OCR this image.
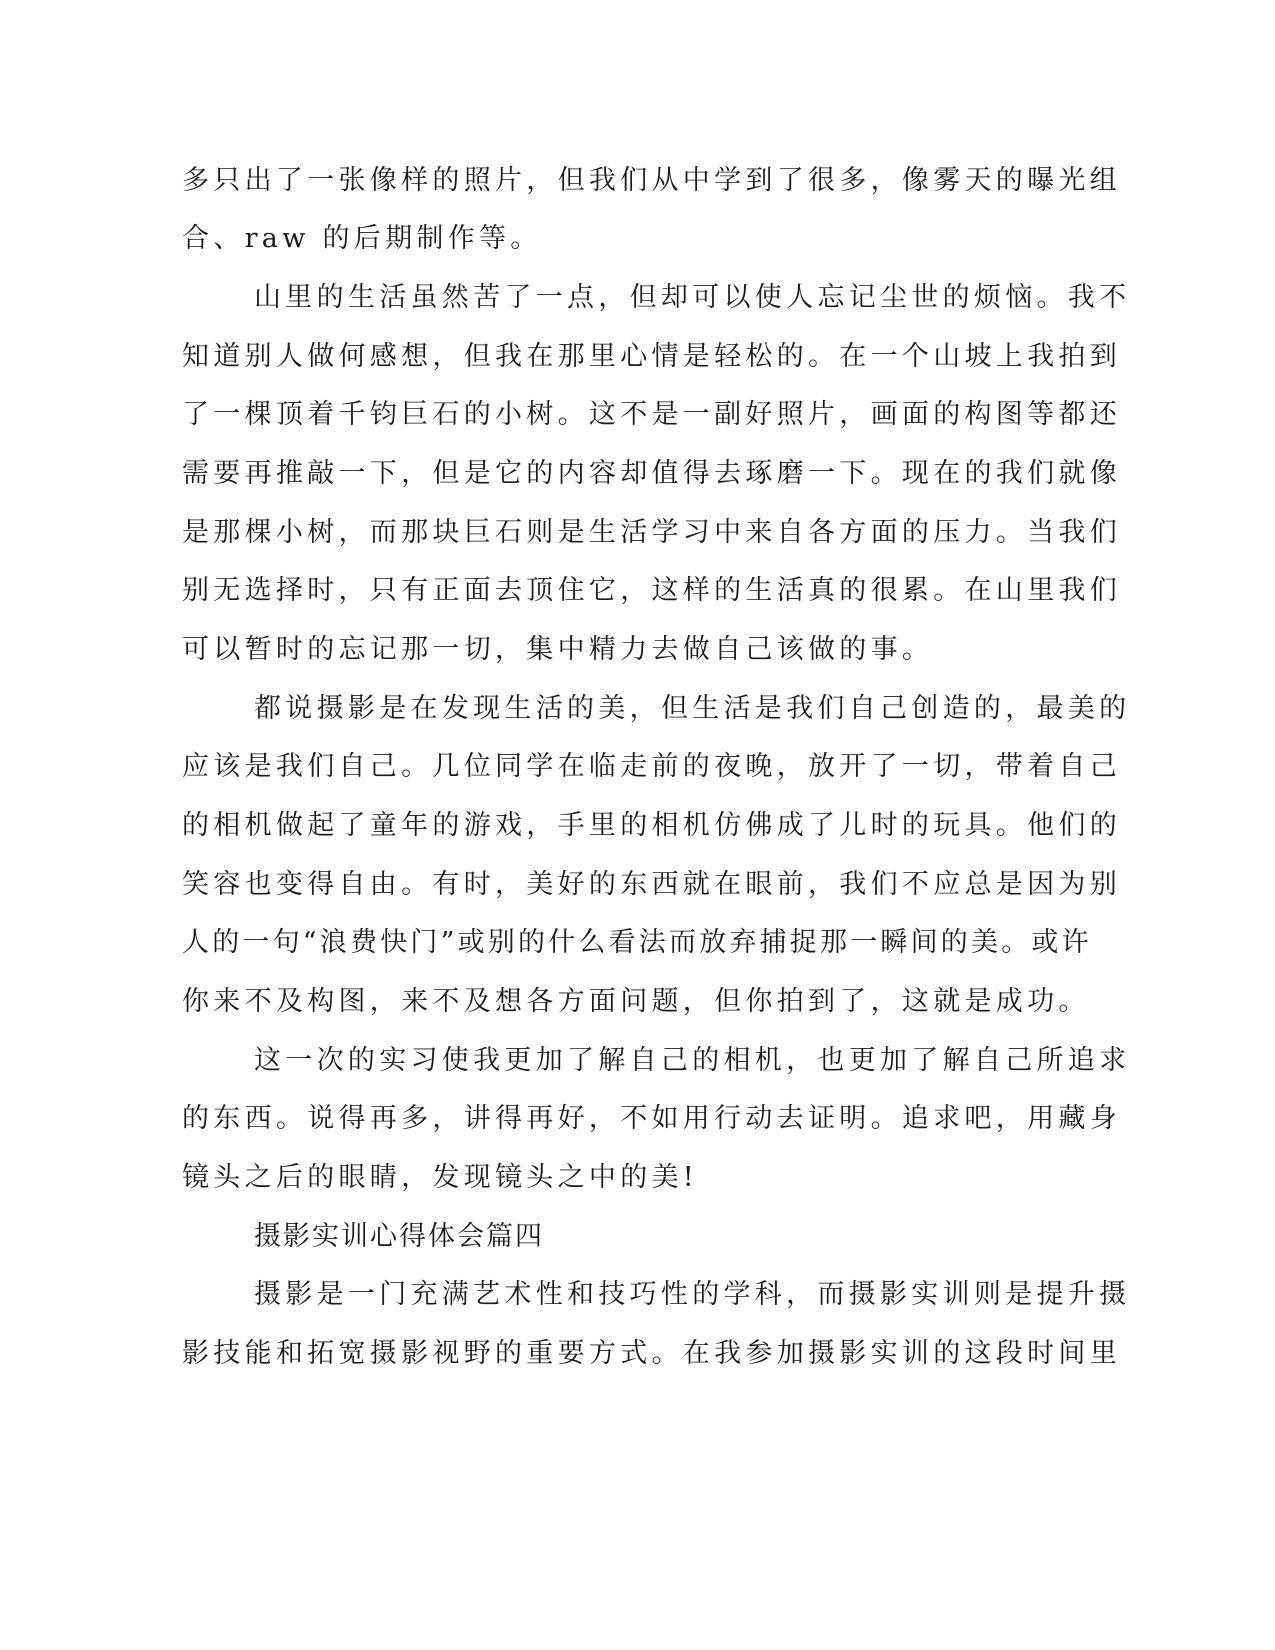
多只出了一张像样的照片，但我们从中学到了很多，像雾天的曝光组
合、raw 的后期制作等。
山里的生活虽然苦了一点，但却可以使人忘记尘世的烦恼。我不
知道别人做何感想，但我在那里心情是轻松的。在一个山坡上我拍到
了一棵顶着千钧巨石的小树。这不是一副好照片，画面的构图等都还
需要再推敲一下，但是它的内容却值得去琢磨一下。现在的我们就像
是那棵小树，而那块巨石则是生活学习中来自各方面的压力。当我们
别无选择时，只有正面去顶住它，这样的生活真的很累。在山里我们
可以暂时的忘记那一切，集中精力去做自己该做的事。
都说摄影是在发现生活的美，但生活是我们自己创造的，最美的
应该是我们自己。几位同学在临走前的夜晚，放开了一切，带着自己
的相机做起了童年的游戏，手里的相机仿佛成了儿时的玩具。他们的
笑容也变得自由。有时，美好的东西就在眼前，我们不应总是因为别
人的一句“浪费快门”或别的什么看法而放弃捕捉那一瞬间的美。或许
你来不及构图，来不及想各方面问题，但你拍到了，这就是成功。
这一次的实习使我更加了解自己的相机，也更加了解自己所追求
的东西。说得再多，讲得再好，不如用行动去证明。追求吧，用藏身
镜头之后的眼睛，发现镜头之中的美!
摄影实训心得体会篇四
摄影是一门充满艺术性和技巧性的学科，而摄影实训则是提升摄
影技能和拓宽摄影视野的重要方式。在我参加摄影实训的这段时间里
